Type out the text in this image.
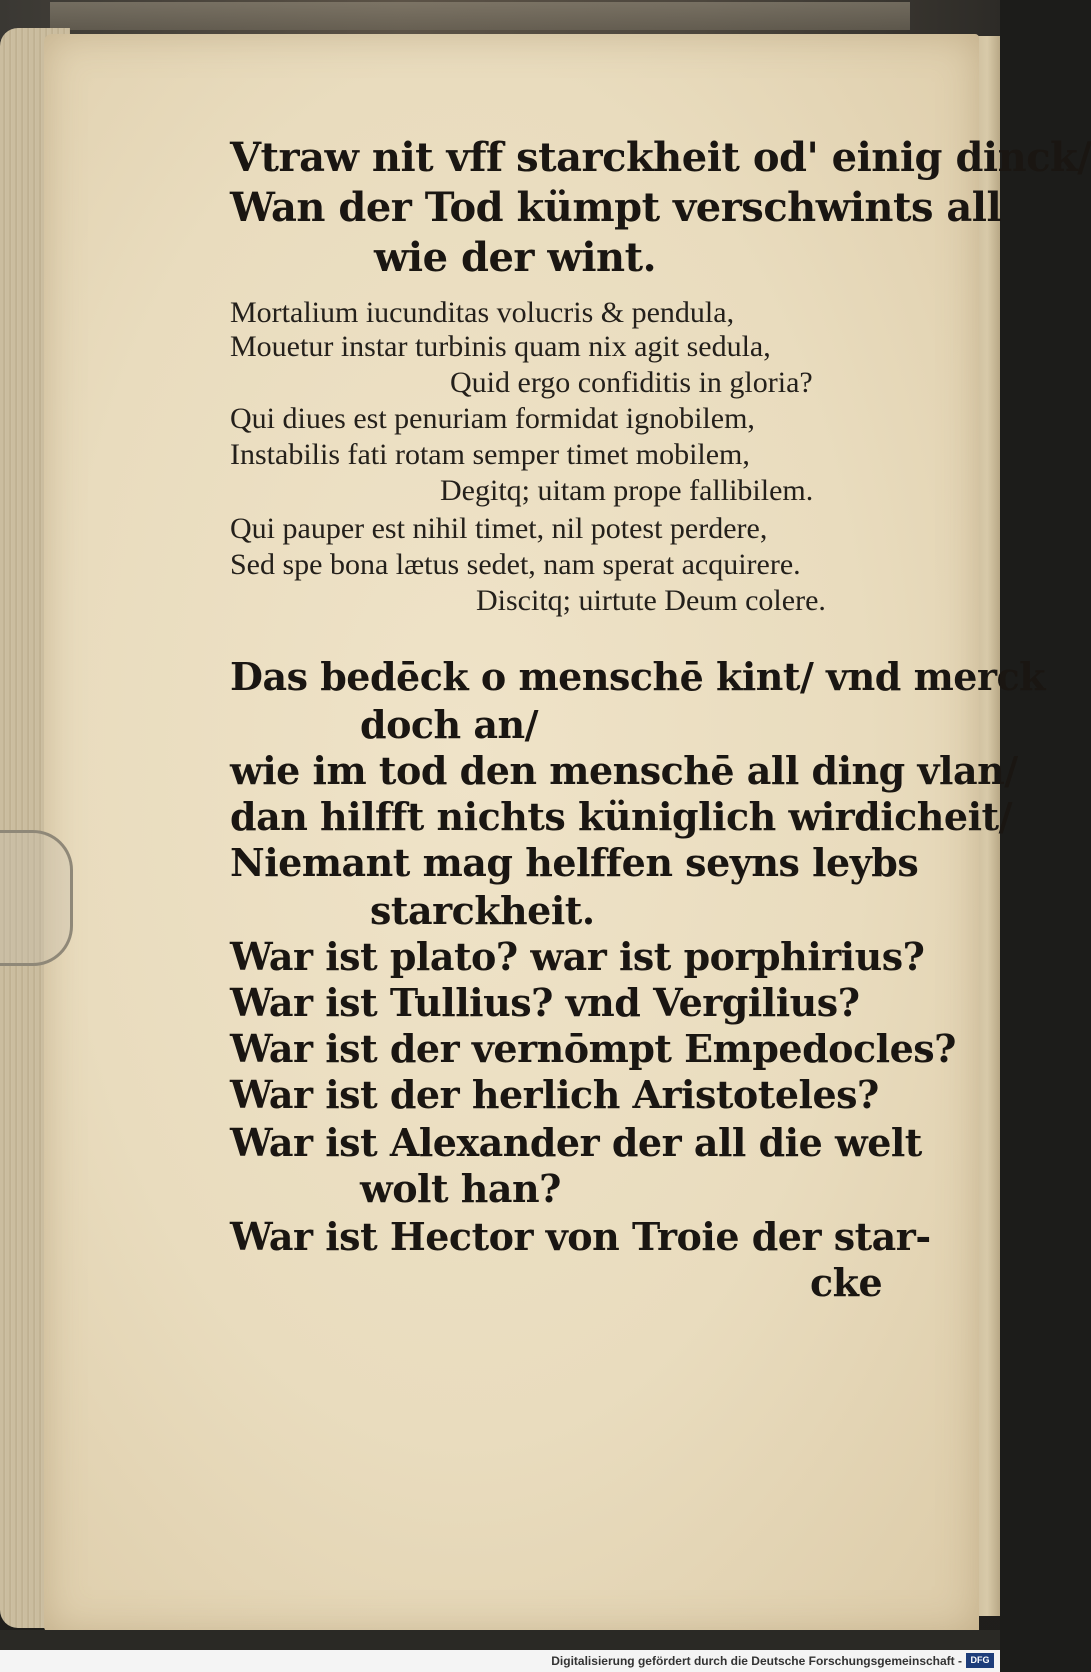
Vtraw nit vff starckheit od' einig dinck/
Wan der Tod kümpt verschwints all
wie der wint.
Mortalium iucunditas volucris & pendula,
Mouetur instar turbinis quam nix agit sedula,
Quid ergo confiditis in gloria?
Qui diues est penuriam formidat ignobilem,
Instabilis fati rotam semper timet mobilem,
Degitq; uitam prope fallibilem.
Qui pauper est nihil timet, nil potest perdere,
Sed spe bona lætus sedet, nam sperat acquirere.
Discitq; uirtute Deum colere.
Das bedēck o menschē kint/ vnd merck
doch an/
wie im tod den menschē all ding vlan/
dan hilfft nichts küniglich wirdicheit/
Niemant mag helffen seyns leybs
starckheit.
War ist plato? war ist porphirius?
War ist Tullius? vnd Vergilius?
War ist der vernōmpt Empedocles?
War ist der herlich Aristoteles?
War ist Alexander der all die welt
wolt han?
War ist Hector von Troie der star-
cke
Digitalisierung gefördert durch die Deutsche Forschungsgemeinschaft - DFG
